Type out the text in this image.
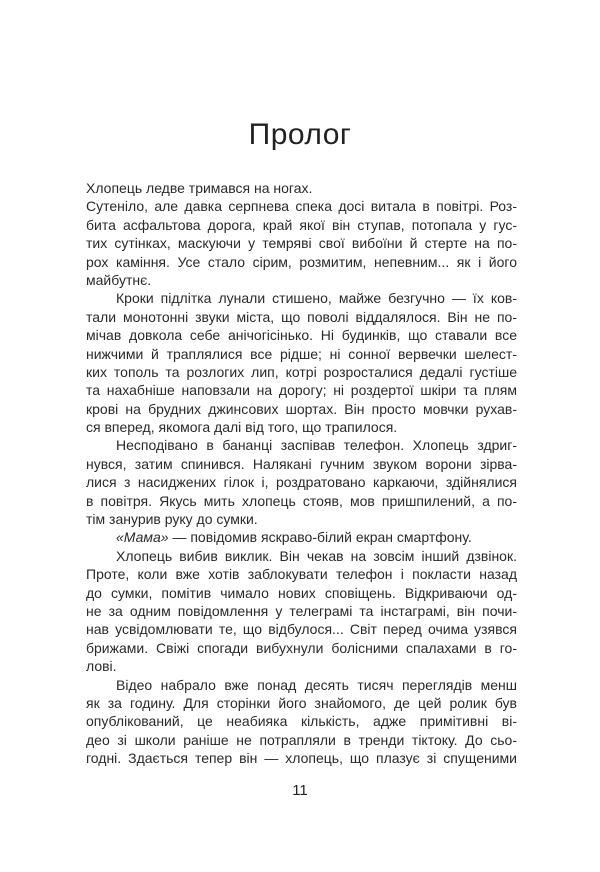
Пролог
Хлопець ледве тримався на ногах.
Сутеніло, але давка серпнева спека досі витала в повітрі. Роз-
бита асфальтова дорога, край якої він ступав, потопала у гус-
тих сутінках, маскуючи у темряві свої вибоїни й стерте на по-
рох каміння. Усе стало сірим, розмитим, непевним... як і його
майбутнє.
Кроки підлітка лунали стишено, майже безгучно — їх ков-
тали монотонні звуки міста, що поволі віддалялося. Він не по-
мічав довкола себе анічогісінько. Ні будинків, що ставали все
нижчими й траплялися все рідше; ні сонної вервечки шелест-
ких тополь та розлогих лип, котрі розросталися дедалі густіше
та нахабніше наповзали на дорогу; ні роздертої шкіри та плям
крові на брудних джинсових шортах. Він просто мовчки рухав-
ся вперед, якомога далі від того, що трапилося.
Несподівано в бананці заспівав телефон. Хлопець здриг-
нувся, затим спинився. Налякані гучним звуком ворони зірва-
лися з насиджених гілок і, роздратовано каркаючи, здійнялися
в повітря. Якусь мить хлопець стояв, мов пришпилений, а по-
тім занурив руку до сумки.
«Мама» — повідомив яскраво-білий екран смартфону.
Хлопець вибив виклик. Він чекав на зовсім інший дзвінок.
Проте, коли вже хотів заблокувати телефон і покласти назад
до сумки, помітив чимало нових сповіщень. Відкриваючи од-
не за одним повідомлення у телеграмі та інстаграмі, він почи-
нав усвідомлювати те, що відбулося... Світ перед очима узявся
брижами. Свіжі спогади вибухнули болісними спалахами в го-
лові.
Відео набрало вже понад десять тисяч переглядів менш
як за годину. Для сторінки його знайомого, де цей ролик був
опублікований, це неабияка кількість, адже примітивні ві-
део зі школи раніше не потрапляли в тренди тіктоку. До сьо-
годні. Здається тепер він — хлопець, що плазує зі спущеними
11
